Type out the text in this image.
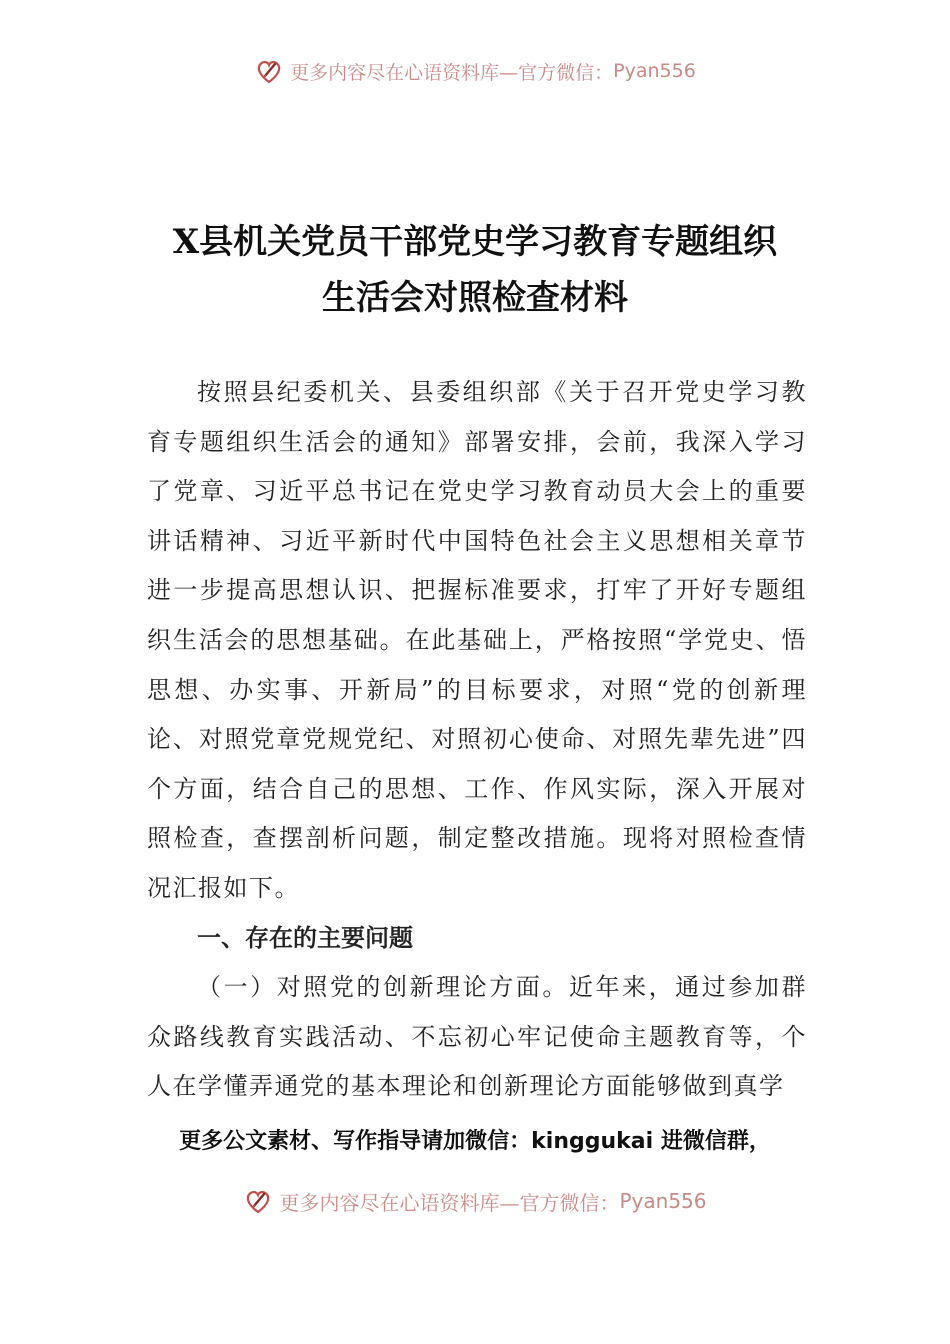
更多内容尽在心语资料库—官方微信： Pyan556
X县机关党员干部党史学习教育专题组织
生活会对照检查材料

按照县纪委机关、县委组织部《关于召开党史学习教育专题组织生活会的通知》部署安排，会前，我深入学习了党章、习近平总书记在党史学习教育动员大会上的重要讲话精神、习近平新时代中国特色社会主义思想相关章节进一步提高思想认识、把握标准要求，打牢了开好专题组织生活会的思想基础。在此基础上，严格按照“学党史、悟思想、办实事、开新局”的目标要求，对照“党的创新理论、对照党章党规党纪、对照初心使命、对照先辈先进”四个方面，结合自己的思想、工作、作风实际，深入开展对照检查，查摆剖析问题，制定整改措施。现将对照检查情况汇报如下。

一、存在的主要问题

（一）对照党的创新理论方面。近年来，通过参加群众路线教育实践活动、不忘初心牢记使命主题教育等，个人在学懂弄通党的基本理论和创新理论方面能够做到真学

更多公文素材、写作指导请加微信：kinggukai 进微信群，
更多内容尽在心语资料库—官方微信： Pyan556
